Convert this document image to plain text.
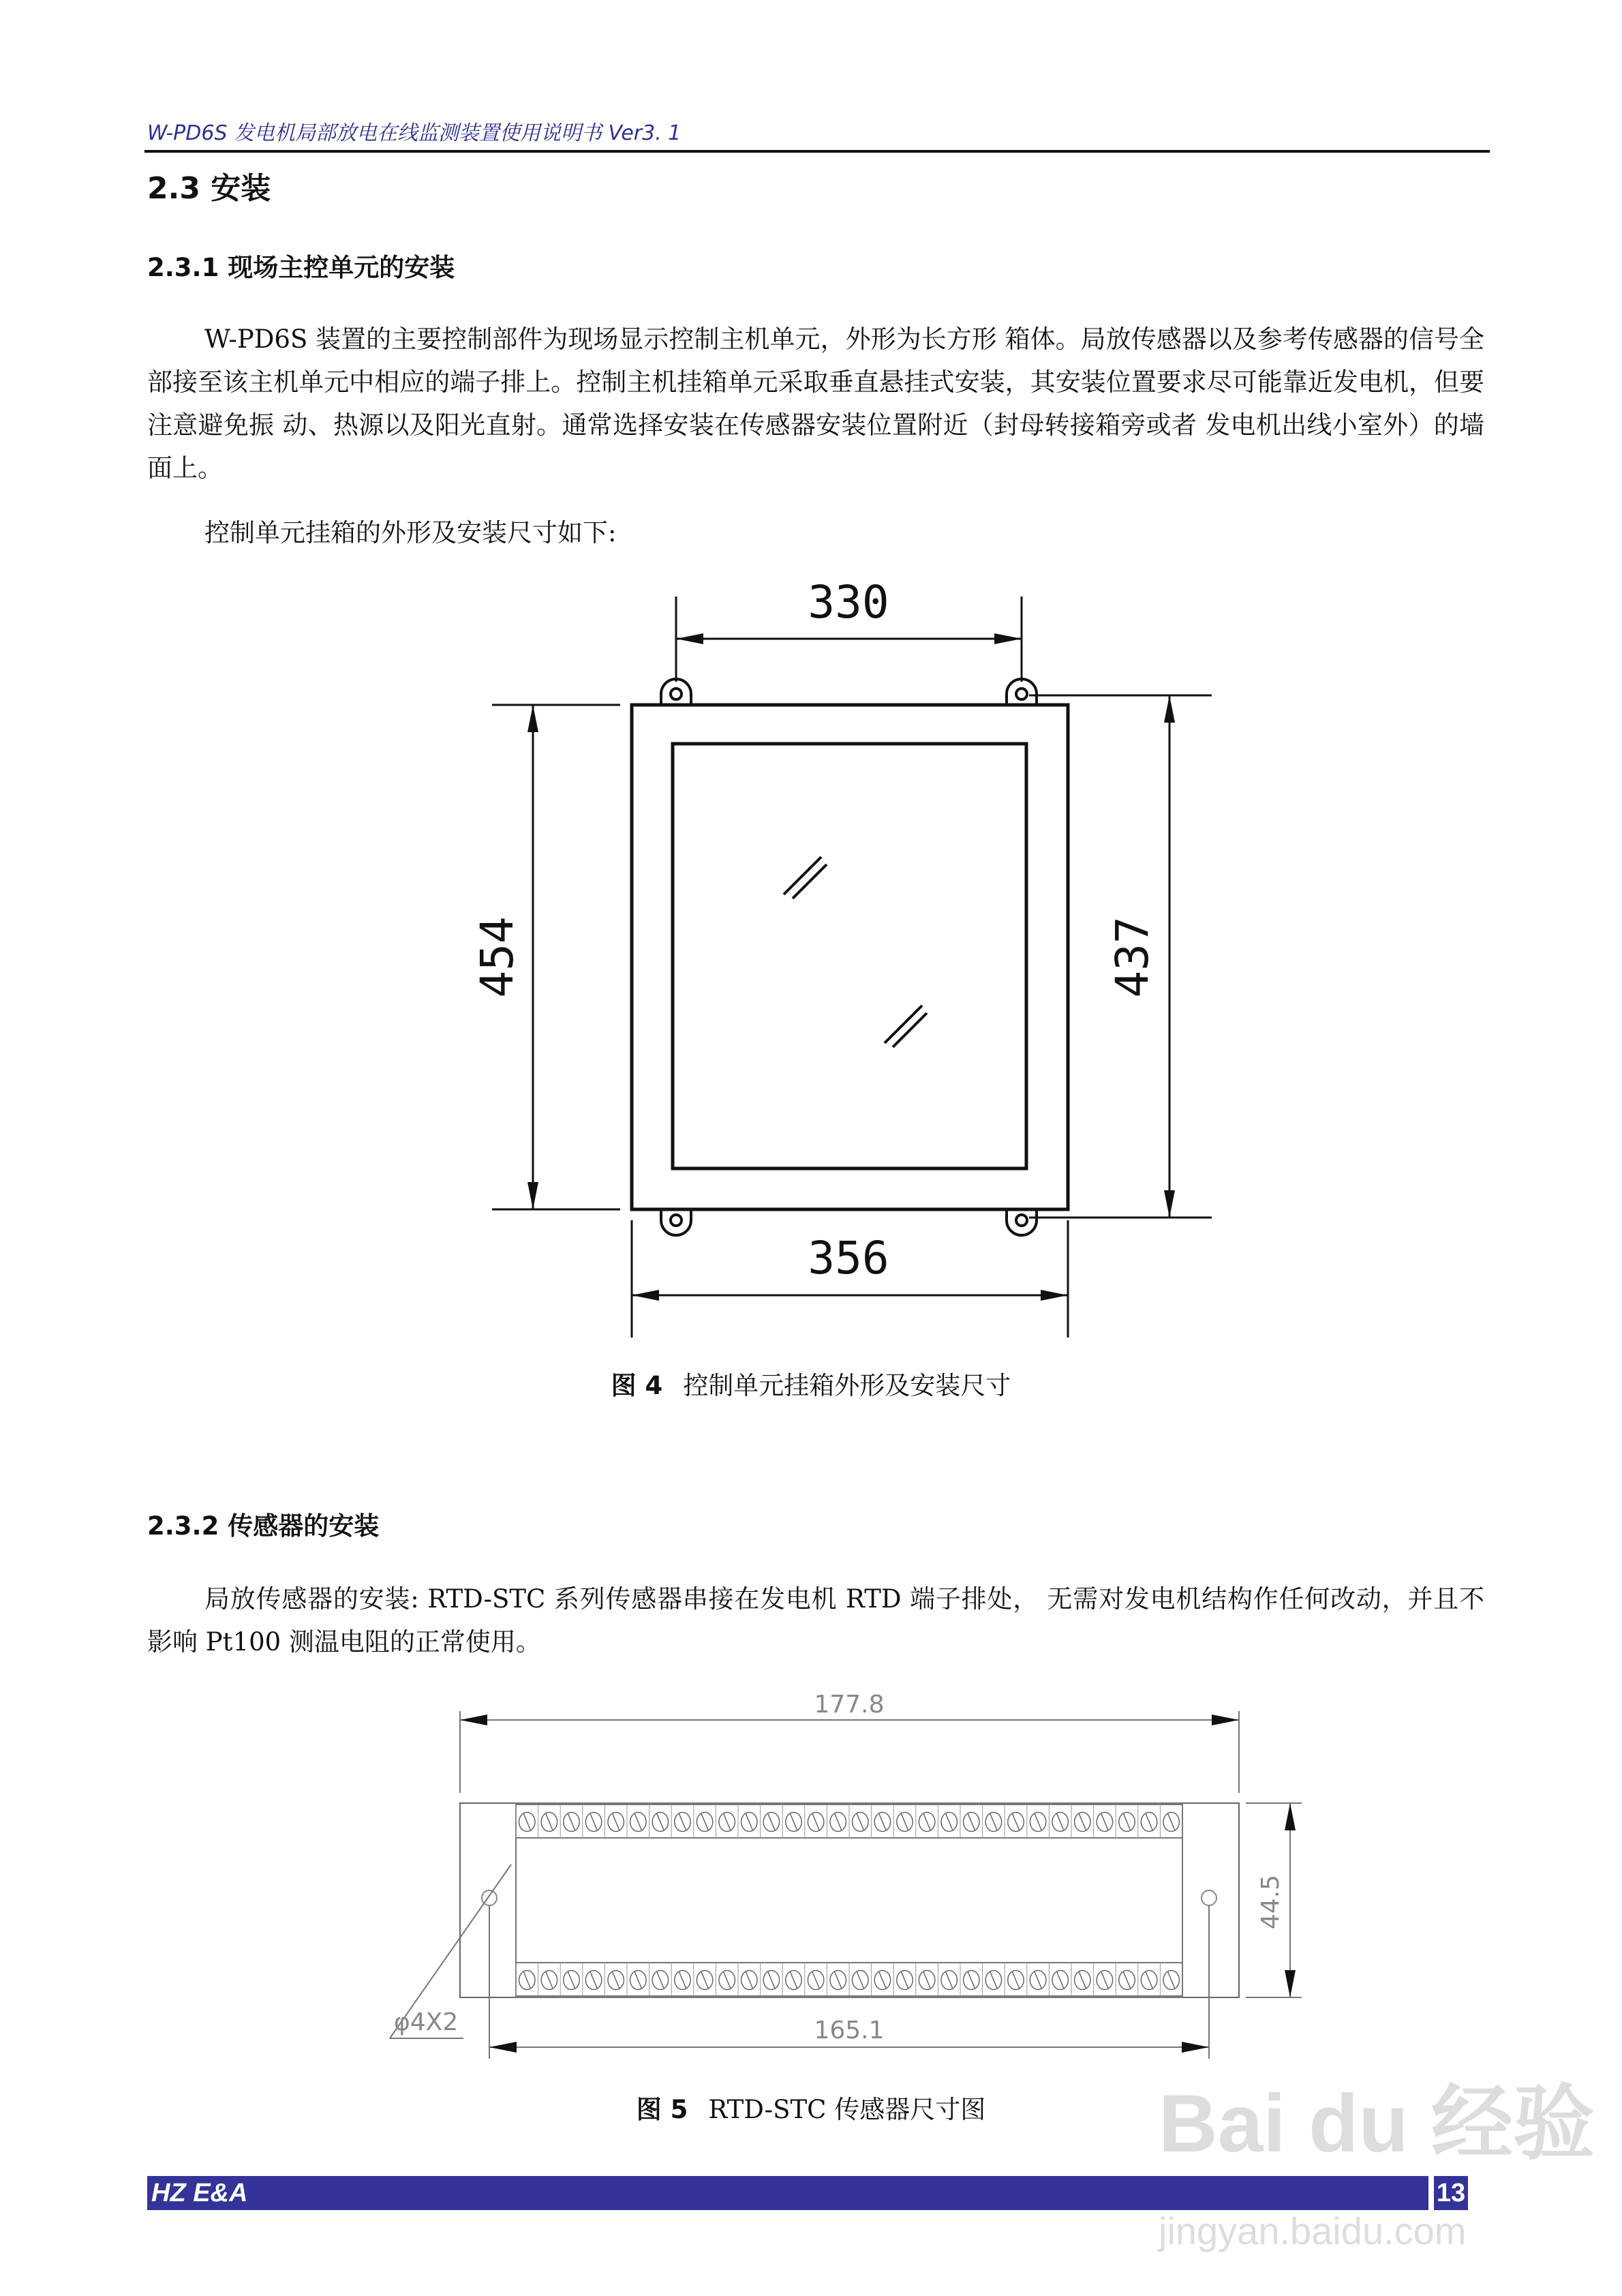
W-PD6S 发电机局部放电在线监测装置使用说明书 Ver3. 1
2.3 安装
2.3.1 现场主控单元的安装

W-PD6S 装置的主要控制部件为现场显示控制主机单元，外形为长方形 箱体。局放传感器以及参考传感器的信号全部接至该主机单元中相应的端子排上。控制主机挂箱单元采取垂直悬挂式安装，其安装位置要求尽可能靠近发电机，但要注意避免振 动、热源以及阳光直射。通常选择安装在传感器安装位置附近（封母转接箱旁或者 发电机出线小室外）的墙面上。

控制单元挂箱的外形及安装尺寸如下:

330
454	437
356
177.8
44.5
165.1
φ4X2
图 4 控制单元挂箱外形及安装尺寸
2.3.2 传感器的安装

局放传感器的安装: RTD-STC 系列传感器串接在发电机 RTD 端子排处， 无需对发电机结构作任何改动，并且不影响 Pt100 测温电阻的正常使用。

图 5 RTD-STC 传感器尺寸图
HZ E&A	13
Bai du 经验
jingyan.baidu.com
